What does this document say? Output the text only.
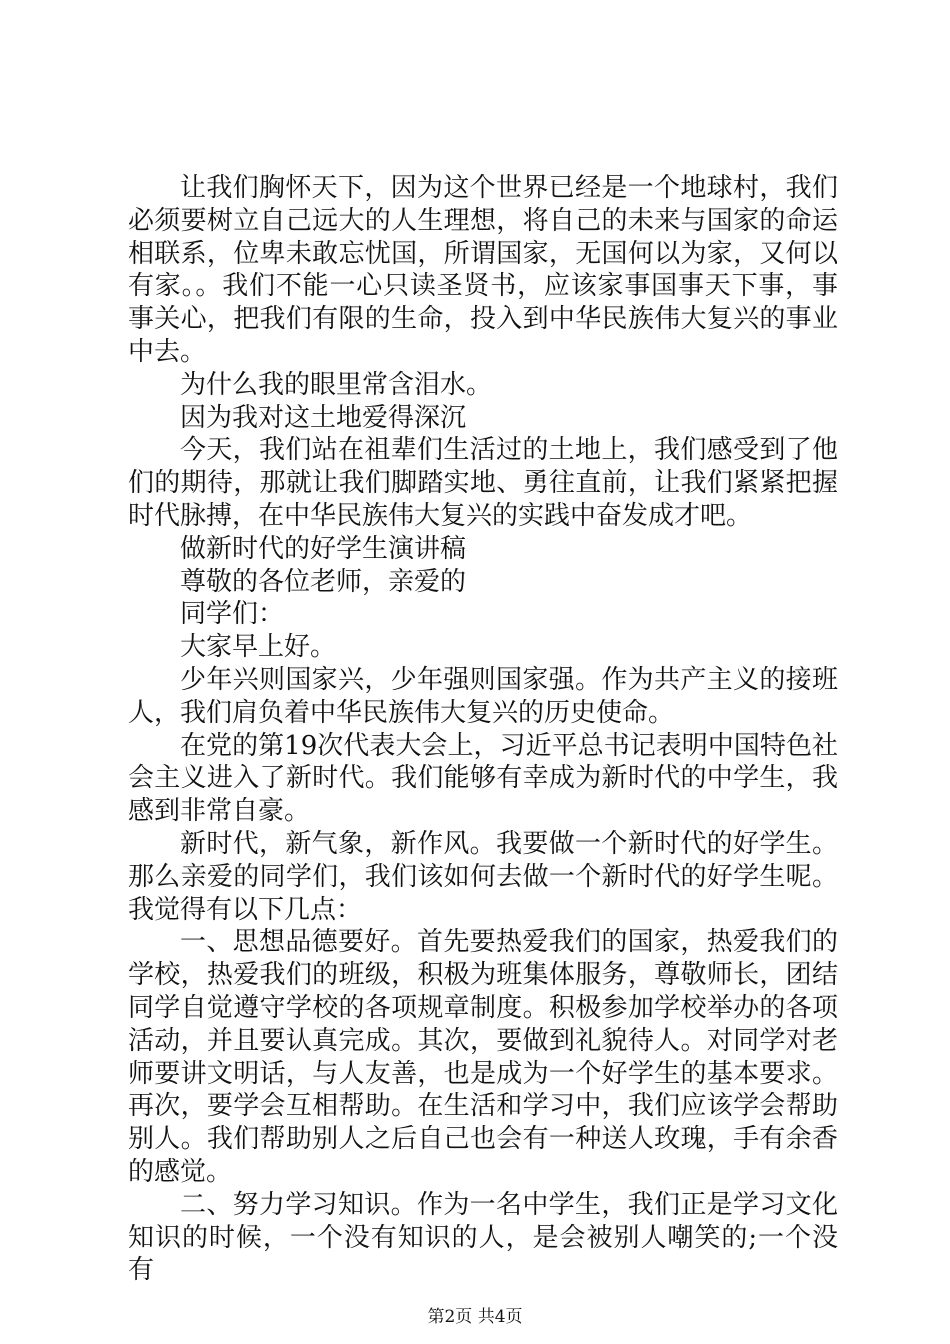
让我们胸怀天下，因为这个世界已经是一个地球村，我们必须要树立自己远大的人生理想，将自己的未来与国家的命运相联系，位卑未敢忘忧国，所谓国家，无国何以为家，又何以有家。。我们不能一心只读圣贤书，应该家事国事天下事，事事关心，把我们有限的生命，投入到中华民族伟大复兴的事业中去。

为什么我的眼里常含泪水。

因为我对这土地爱得深沉

今天，我们站在祖辈们生活过的土地上，我们感受到了他们的期待，那就让我们脚踏实地、勇往直前，让我们紧紧把握时代脉搏，在中华民族伟大复兴的实践中奋发成才吧。

做新时代的好学生演讲稿

尊敬的各位老师，亲爱的

同学们：

大家早上好。

少年兴则国家兴，少年强则国家强。作为共产主义的接班人，我们肩负着中华民族伟大复兴的历史使命。

在党的第19次代表大会上，习近平总书记表明中国特色社会主义进入了新时代。我们能够有幸成为新时代的中学生，我感到非常自豪。

新时代，新气象，新作风。我要做一个新时代的好学生。那么亲爱的同学们，我们该如何去做一个新时代的好学生呢。我觉得有以下几点：

一、思想品德要好。首先要热爱我们的国家，热爱我们的学校，热爱我们的班级，积极为班集体服务，尊敬师长，团结同学自觉遵守学校的各项规章制度。积极参加学校举办的各项活动，并且要认真完成。其次，要做到礼貌待人。对同学对老师要讲文明话，与人友善，也是成为一个好学生的基本要求。再次，要学会互相帮助。在生活和学习中，我们应该学会帮助别人。我们帮助别人之后自己也会有一种送人玫瑰，手有余香的感觉。

二、努力学习知识。作为一名中学生，我们正是学习文化知识的时候，一个没有知识的人，是会被别人嘲笑的;一个没有

第2页 共4页
